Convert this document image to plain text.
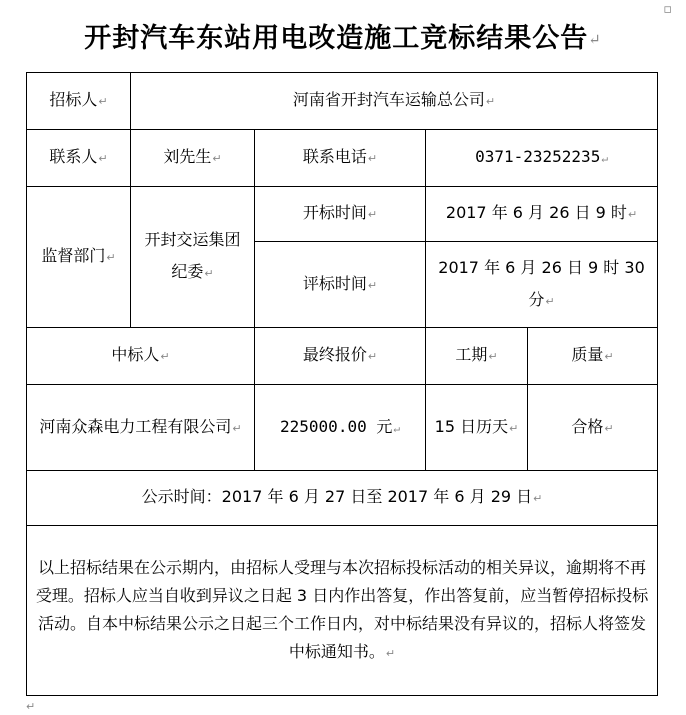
▫
开封汽车东站用电改造施工竞标结果公告↵
招标人↵	河南省开封汽车运输总公司↵			
联系人↵	刘先生↵	联系电话↵	0371-23252235↵	
监督部门↵	开封交运集团纪委↵	开标时间↵	2017 年 6 月 26 日 9 时↵	
		评标时间↵	2017 年 6 月 26 日 9 时 30 分↵	
中标人↵		最终报价↵	工期↵	质量↵
河南众森电力工程有限公司↵		225000.00 元↵	15 日历天↵	合格↵
公示时间：2017 年 6 月 27 日至 2017 年 6 月 29 日↵				
以上招标结果在公示期内，由招标人受理与本次招标投标活动的相关异议，逾期将不再受理。招标人应当自收到异议之日起 3 日内作出答复，作出答复前，应当暂停招标投标活动。自本中标结果公示之日起三个工作日内，对中标结果没有异议的，招标人将签发中标通知书。↵				
↵
